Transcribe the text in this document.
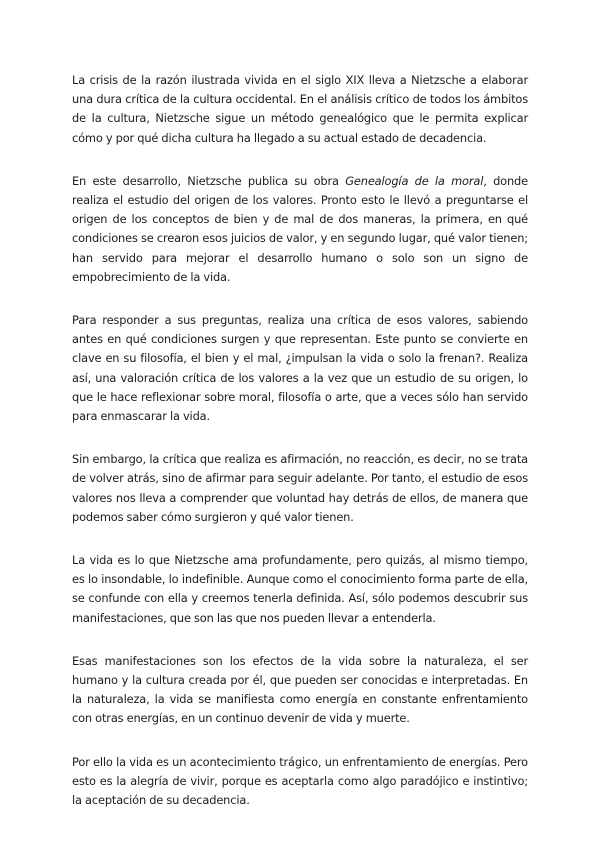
La crisis de la razón ilustrada vivida en el siglo XIX lleva a Nietzsche a elaborar una dura crítica de la cultura occidental. En el análisis crítico de todos los ámbitos de la cultura, Nietzsche sigue un método genealógico que le permita explicar cómo y por qué dicha cultura ha llegado a su actual estado de decadencia.

En este desarrollo, Nietzsche publica su obra Genealogía de la moral, donde realiza el estudio del origen de los valores. Pronto esto le llevó a preguntarse el origen de los conceptos de bien y de mal de dos maneras, la primera, en qué condiciones se crearon esos juicios de valor, y en segundo lugar, qué valor tienen; han servido para mejorar el desarrollo humano o solo son un signo de empobrecimiento de la vida.

Para responder a sus preguntas, realiza una crítica de esos valores, sabiendo antes en qué condiciones surgen y que representan. Este punto se convierte en clave en su filosofía, el bien y el mal, ¿impulsan la vida o solo la frenan?. Realiza así, una valoración crítica de los valores a la vez que un estudio de su origen, lo que le hace reflexionar sobre moral, filosofía o arte, que a veces sólo han servido para enmascarar la vida.

Sin embargo, la crítica que realiza es afirmación, no reacción, es decir, no se trata de volver atrás, sino de afirmar para seguir adelante. Por tanto, el estudio de esos valores nos lleva a comprender que voluntad hay detrás de ellos, de manera que podemos saber cómo surgieron y qué valor tienen.

La vida es lo que Nietzsche ama profundamente, pero quizás, al mismo tiempo, es lo insondable, lo indefinible. Aunque como el conocimiento forma parte de ella, se confunde con ella y creemos tenerla definida. Así, sólo podemos descubrir sus manifestaciones, que son las que nos pueden llevar a entenderla.

Esas manifestaciones son los efectos de la vida sobre la naturaleza, el ser humano y la cultura creada por él, que pueden ser conocidas e interpretadas. En la naturaleza, la vida se manifiesta como energía en constante enfrentamiento con otras energías, en un continuo devenir de vida y muerte.

Por ello la vida es un acontecimiento trágico, un enfrentamiento de energías. Pero esto es la alegría de vivir, porque es aceptarla como algo paradójico e instintivo; la aceptación de su decadencia.
